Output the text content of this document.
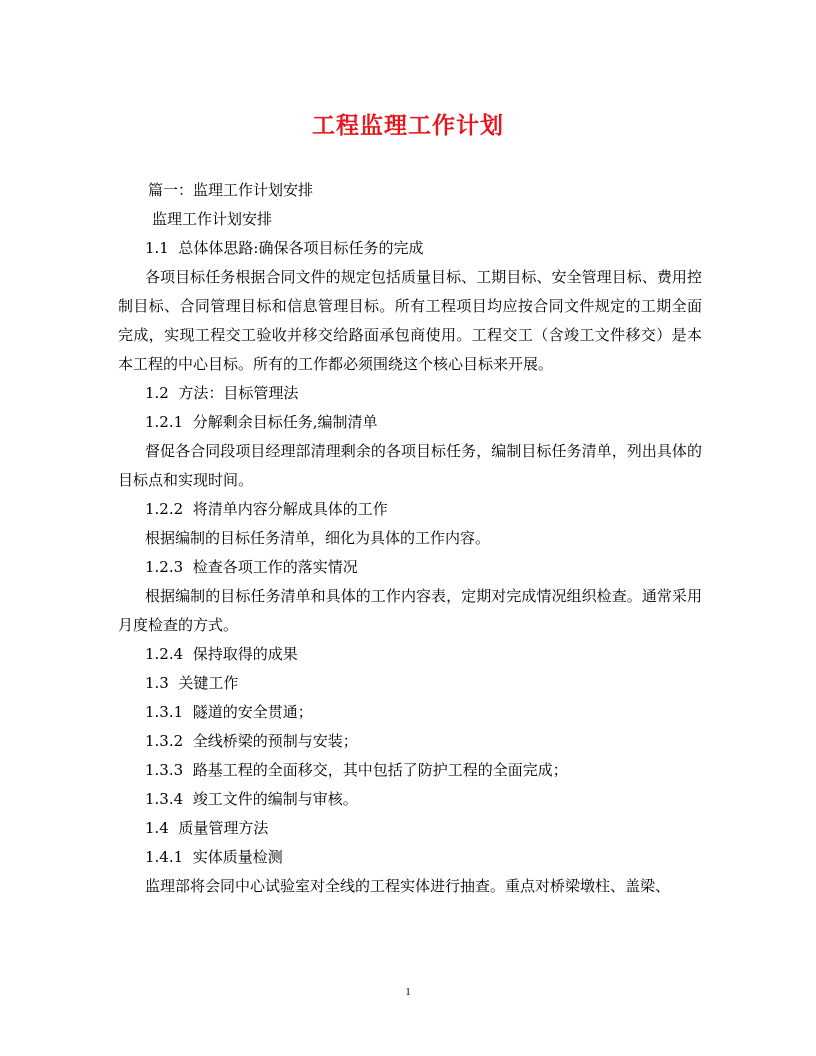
工程监理工作计划

篇一：监理工作计划安排

监理工作计划安排

1.1  总体体思路:确保各项目标任务的完成

各项目标任务根据合同文件的规定包括质量目标、工期目标、安全管理目标、费用控制目标、合同管理目标和信息管理目标。所有工程项目均应按合同文件规定的工期全面完成，实现工程交工验收并移交给路面承包商使用。工程交工（含竣工文件移交）是本本工程的中心目标。所有的工作都必须围绕这个核心目标来开展。

1.2  方法：目标管理法

1.2.1  分解剩余目标任务,编制清单

督促各合同段项目经理部清理剩余的各项目标任务，编制目标任务清单，列出具体的目标点和实现时间。

1.2.2  将清单内容分解成具体的工作

根据编制的目标任务清单，细化为具体的工作内容。

1.2.3  检查各项工作的落实情况

根据编制的目标任务清单和具体的工作内容表，定期对完成情况组织检查。通常采用月度检查的方式。

1.2.4  保持取得的成果

1.3  关键工作

1.3.1  隧道的安全贯通；

1.3.2  全线桥梁的预制与安装；

1.3.3  路基工程的全面移交，其中包括了防护工程的全面完成；

1.3.4  竣工文件的编制与审核。

1.4  质量管理方法

1.4.1  实体质量检测

监理部将会同中心试验室对全线的工程实体进行抽查。重点对桥梁墩柱、盖梁、

1
